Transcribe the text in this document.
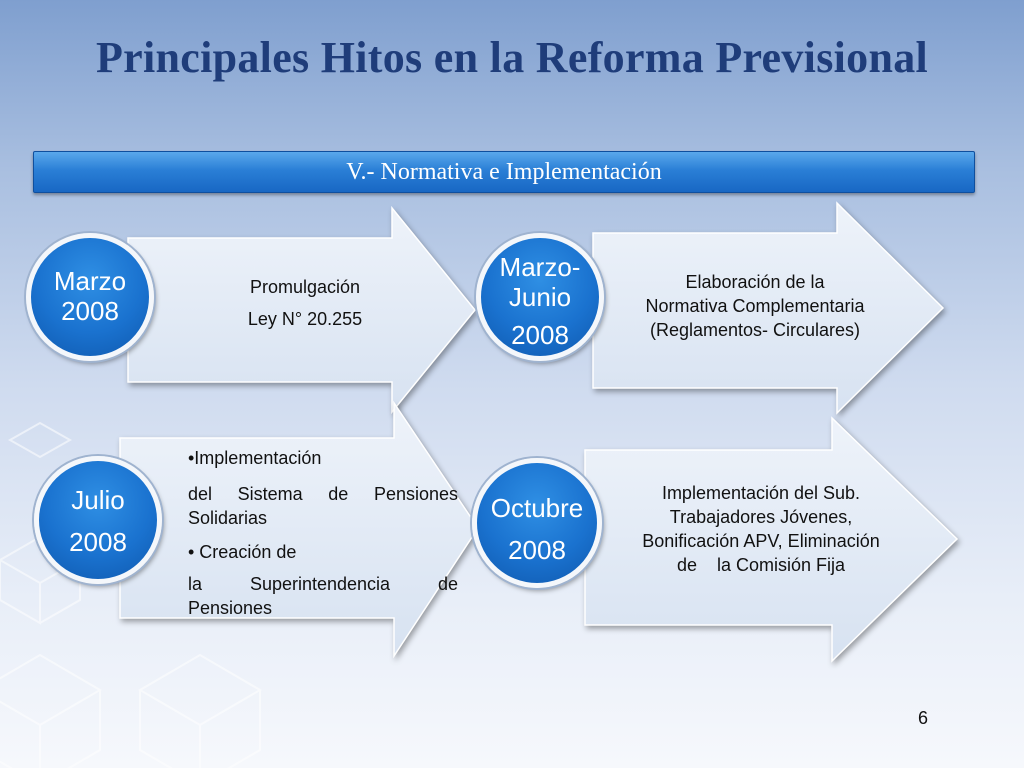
Principales Hitos en la Reforma Previsional
V.- Normativa e Implementación
Promulgación
Ley N° 20.255
Marzo
2008
Elaboración de la
Normativa Complementaria
(Reglamentos- Circulares)
Marzo-
Junio
2008
•Implementación
del Sistema de Pensiones Solidarias
• Creación de
la Superintendencia de Pensiones
Julio
2008
Implementación del Sub.
Trabajadores Jóvenes,
Bonificación APV, Eliminación
de    la Comisión Fija
Octubre
2008
6
